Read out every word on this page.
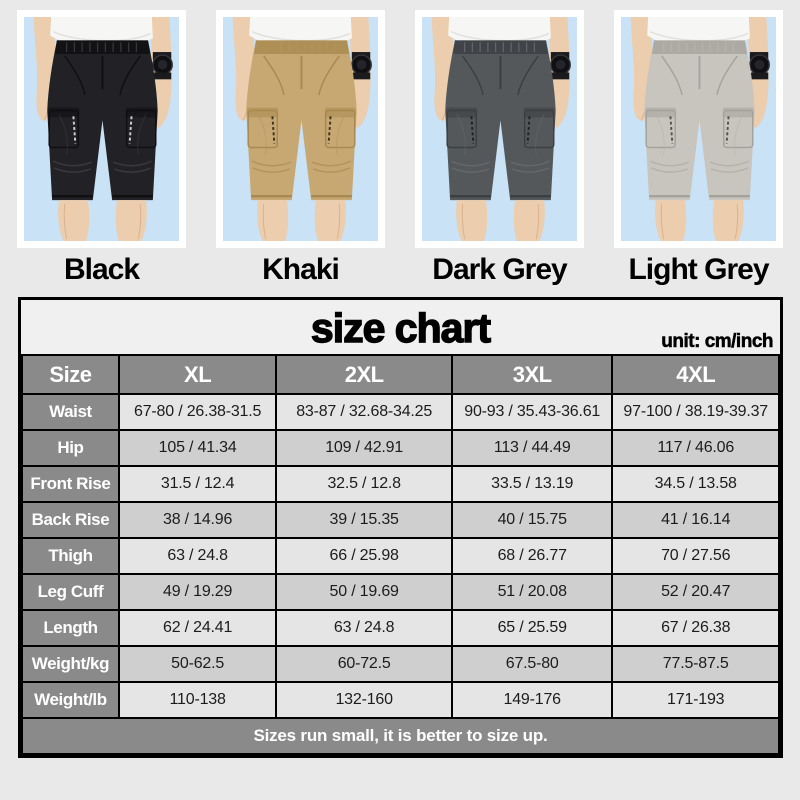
Black	Khaki	Dark Grey	Light Grey
size chart	unit: cm/inch
Size	XL	2XL	3XL	4XL
Waist	67-80 / 26.38-31.5	83-87 / 32.68-34.25	90-93 / 35.43-36.61	97-100 / 38.19-39.37
Hip	105 / 41.34	109 / 42.91	113 / 44.49	117 / 46.06
Front Rise	31.5 / 12.4	32.5 / 12.8	33.5 / 13.19	34.5 / 13.58
Back Rise	38 / 14.96	39 / 15.35	40 / 15.75	41 / 16.14
Thigh	63 / 24.8	66 / 25.98	68 / 26.77	70 / 27.56
Leg Cuff	49 / 19.29	50 / 19.69	51 / 20.08	52 / 20.47
Length	62 / 24.41	63 / 24.8	65 / 25.59	67 / 26.38
Weight/kg	50-62.5	60-72.5	67.5-80	77.5-87.5
Weight/lb	110-138	132-160	149-176	171-193
Sizes run small, it is better to size up.				
